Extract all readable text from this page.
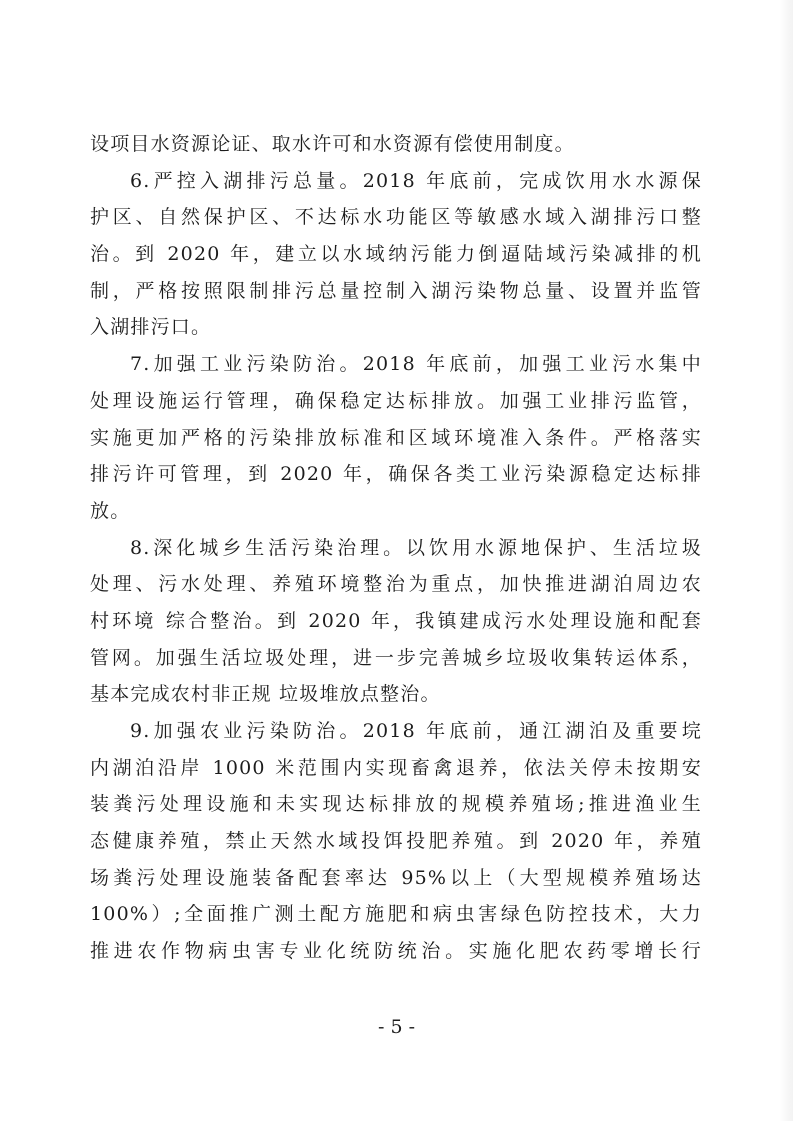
设项目水资源论证、取水许可和水资源有偿使用制度。
6.严控入湖排污总量。2018 年底前，完成饮用水水源保
护区、自然保护区、不达标水功能区等敏感水域入湖排污口整
治。到 2020 年，建立以水域纳污能力倒逼陆域污染减排的机
制，严格按照限制排污总量控制入湖污染物总量、设置并监管
入湖排污口。
7.加强工业污染防治。2018 年底前，加强工业污水集中
处理设施运行管理，确保稳定达标排放。加强工业排污监管，
实施更加严格的污染排放标准和区域环境准入条件。严格落实
排污许可管理，到 2020 年，确保各类工业污染源稳定达标排
放。
8.深化城乡生活污染治理。以饮用水源地保护、生活垃圾
处理、污水处理、养殖环境整治为重点，加快推进湖泊周边农
村环境 综合整治。到 2020 年，我镇建成污水处理设施和配套
管网。加强生活垃圾处理，进一步完善城乡垃圾收集转运体系，
基本完成农村非正规 垃圾堆放点整治。
9.加强农业污染防治。2018 年底前，通江湖泊及重要垸
内湖泊沿岸 1000 米范围内实现畜禽退养，依法关停未按期安
装粪污处理设施和未实现达标排放的规模养殖场;推进渔业生
态健康养殖，禁止天然水域投饵投肥养殖。到 2020 年，养殖
场粪污处理设施装备配套率达 95%以上（大型规模养殖场达
100%）;全面推广测土配方施肥和病虫害绿色防控技术，大力
推进农作物病虫害专业化统防统治。实施化肥农药零增长行
- 5 -
